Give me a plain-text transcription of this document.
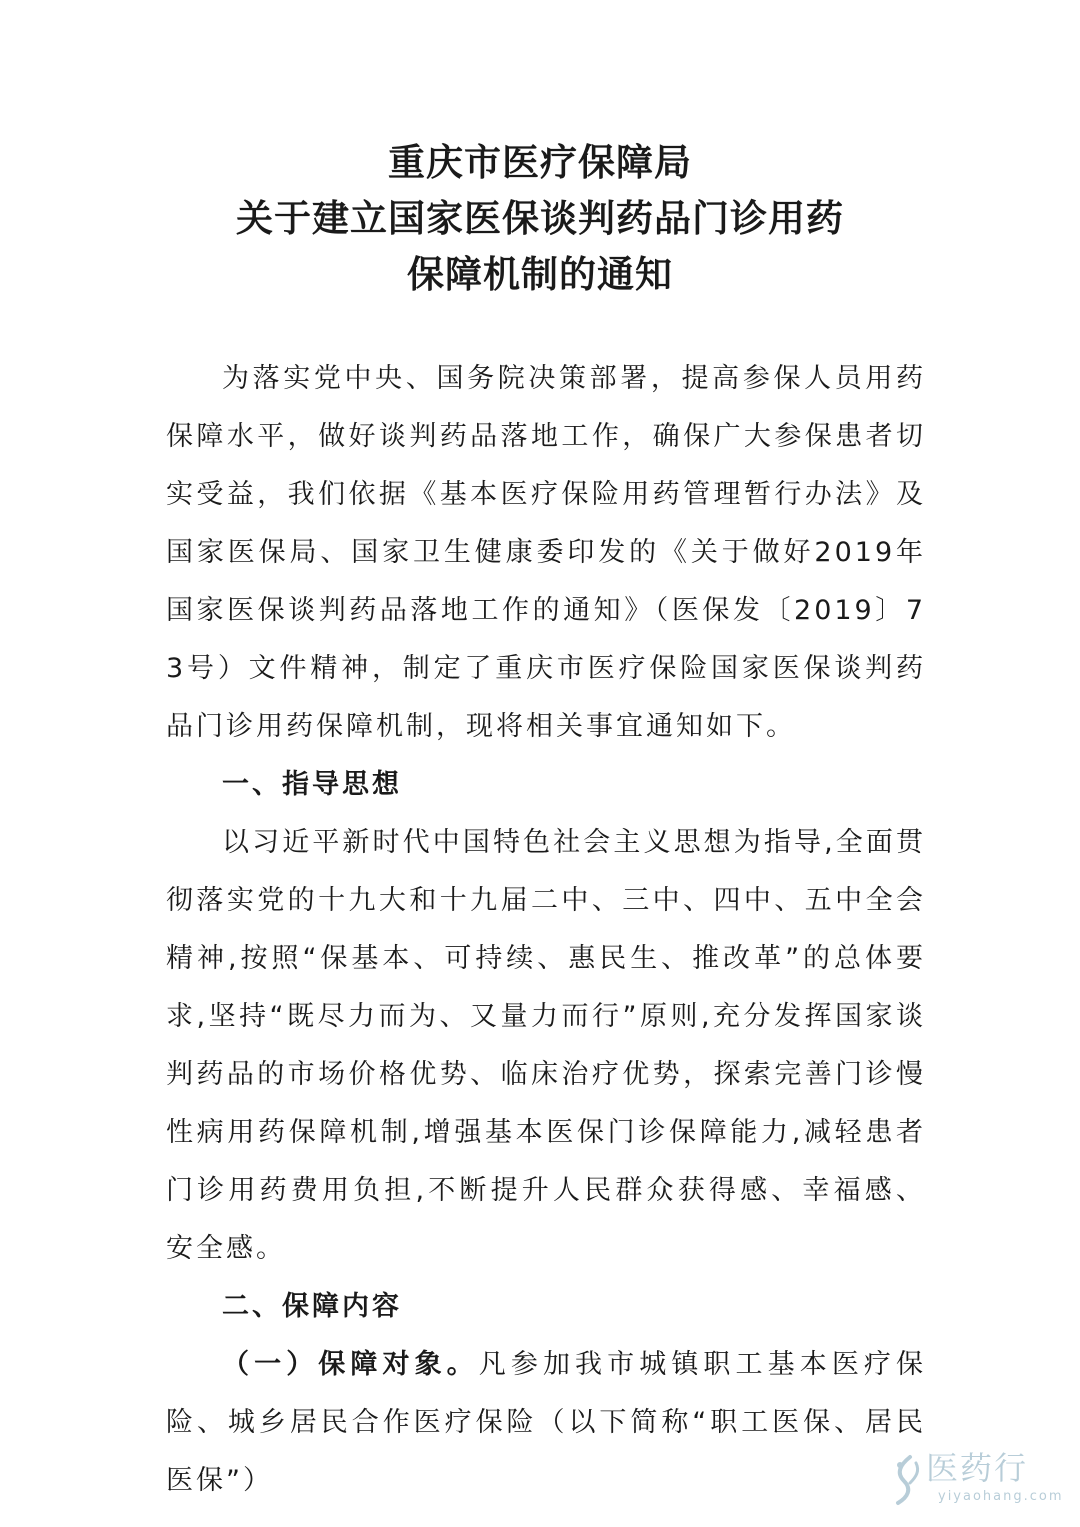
重庆市医疗保障局
关于建立国家医保谈判药品门诊用药
保障机制的通知

为落实党中央、国务院决策部署，提高参保人员用药保障水平，做好谈判药品落地工作，确保广大参保患者切实受益，我们依据《基本医疗保险用药管理暂行办法》及国家医保局、国家卫生健康委印发的《关于做好2019年国家医保谈判药品落地工作的通知》（医保发〔2019〕73号）文件精神，制定了重庆市医疗保险国家医保谈判药品门诊用药保障机制，现将相关事宜通知如下。

一、指导思想

以习近平新时代中国特色社会主义思想为指导,全面贯彻落实党的十九大和十九届二中、三中、四中、五中全会精神,按照“保基本、可持续、惠民生、推改革”的总体要求,坚持“既尽力而为、又量力而行”原则,充分发挥国家谈判药品的市场价格优势、临床治疗优势，探索完善门诊慢性病用药保障机制,增强基本医保门诊保障能力,减轻患者门诊用药费用负担,不断提升人民群众获得感、幸福感、安全感。

二、保障内容

（一）保障对象。凡参加我市城镇职工基本医疗保险、城乡居民合作医疗保险（以下简称“职工医保、居民医保”）	医药行
yiyaohang.com
